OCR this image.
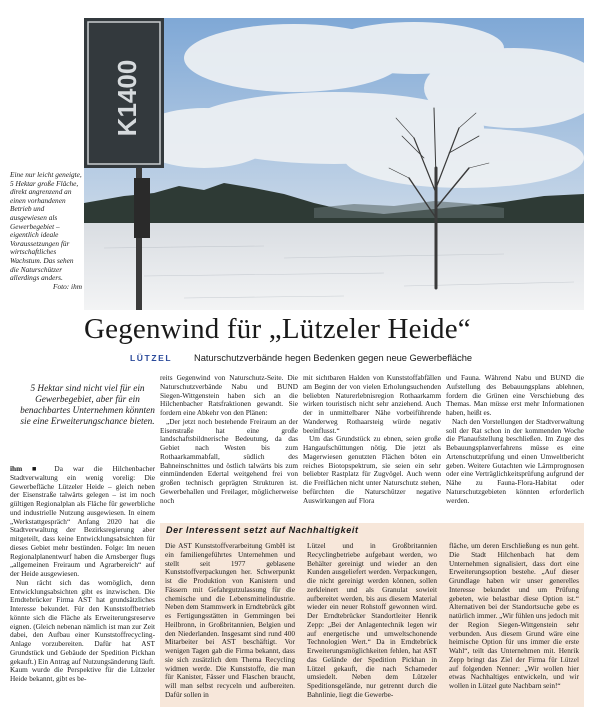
K1400
Eine nur leicht geneigte, 5 Hektar große Fläche, direkt angrenzend an einen vorhandenen Betrieb und ausgewiesen als Gewerbegebiet – eigentlich ideale Voraussetzungen für wirtschaftliches Wachstum. Das sehen die Naturschützer allerdings anders.
Foto: ihm
Gegenwind für „Lützeler Heide“
LÜTZEL Naturschutzverbände hegen Bedenken gegen neue Gewerbefläche
5 Hektar sind nicht viel für ein Gewerbegebiet, aber für ein benachbartes Unternehmen könnten sie eine Erweiterungschance bieten.

ihm ■ Da war die Hilchenbacher Stadtverwaltung ein wenig vorelig: Die Gewerbefläche Lützeler Heide – gleich neben der Eisenstraße talwärts gelegen – ist im noch gültigen Regionalplan als Fläche für gewerbliche und industrielle Nutzung ausgewiesen. In einem „Werkstattgespräch“ Anfang 2020 hat die Stadtverwaltung der Bezirksregierung aber mitgeteilt, dass keine Entwicklungsabsichten für dieses Gebiet mehr bestünden. Folge: Im neuen Regionalplanentwurf haben die Arnsberger flugs „allgemeinen Freiraum und Agrarbereich“ auf der Heide ausgewiesen.

Nun rächt sich das womöglich, denn Entwicklungsabsichten gibt es inzwischen. Die Erndtebrücker Firma AST hat grundsätzliches Interesse bekundet. Für den Kunststoffbetrieb könnte sich die Fläche als Erweiterungsreserve eignen. (Gleich nebenan nämlich ist man zur Zeit dabei, den Aufbau einer Kunststoffrecycling-Anlage vorzubereiten. Dafür hat AST Grundstück und Gebäude der Spedition Pickhan gekauft.) Ein Antrag auf Nutzungsänderung läuft. Kaum wurde die Perspektive für die Lützeler Heide bekannt, gibt es be-

reits Gegenwind von Naturschutz-Seite. Die Naturschutzverbände Nabu und BUND Siegen-Wittgenstein haben sich an die Hilchenbacher Ratsfraktionen gewandt. Sie fordern eine Abkehr von den Plänen:

„Der jetzt noch bestehende Freiraum an der Eisenstraße hat eine große landschaftsbildnerische Bedeutung, da das Gebiet nach Westen bis zum Rothaarkammabfall, südlich des Bahneinschnittes und östlich talwärts bis zum einmündenden Edertal weitgehend frei von großen technisch geprägten Strukturen ist. Gewerbehallen und Freilager, möglicherweise noch

mit sichtbaren Halden von Kunststoffabfällen am Beginn der von vielen Erholungsuchenden beliebten Naturerlebnisregion Rothaarkamm wirken touristisch nicht sehr anziehend. Auch der in unmittelbarer Nähe vorbeiführende Wanderweg Rothaarsteig würde negativ beeinflusst.“

Um das Grundstück zu ebnen, seien große Hangaufschüttungen nötig. Die jetzt als Magerwiesen genutzten Flächen böten ein reiches Biotopspektrum, sie seien ein sehr beliebter Rastplatz für Zugvögel. Auch wenn die Freiflächen nicht unter Naturschutz stehen, befürchten die Naturschützer negative Auswirkungen auf Flora

und Fauna. Während Nabu und BUND die Aufstellung des Bebauungsplans ablehnen, fordern die Grünen eine Verschiebung des Themas. Man müsse erst mehr Informationen haben, heißt es.

Nach den Vorstellungen der Stadtverwaltung soll der Rat schon in der kommenden Woche die Planaufstellung beschließen. Im Zuge des Bebauungsplanverfahrens müsse es eine Artenschutzprüfung und einen Umweltbericht geben. Weitere Gutachten wie Lärmprognosen oder eine Verträglichkeitsprüfung aufgrund der Nähe zu Fauna-Flora-Habitat oder Naturschutzgebieten könnten erforderlich werden.

Der Interessent setzt auf Nachhaltigkeit

Die AST Kunststoffverarbeitung GmbH ist ein familiengeführtes Unternehmen und stellt seit 1977 geblasene Kunststoffverpackungen her. Schwerpunkt ist die Produktion von Kanistern und Fässern mit Gefahrgutzulassung für die chemische und die Lebensmittelindustrie. Neben dem Stammwerk in Erndtebrück gibt es Fertigungsstätten in Gemmingen bei Heilbronn, in Großbritannien, Belgien und den Niederlanden. Insgesamt sind rund 400 Mitarbeiter bei AST beschäftigt. Vor wenigen Tagen gab die Firma bekannt, dass sie sich zusätzlich dem Thema Recycling widmen werde. Die Kunststoffe, die man für Kanister, Fässer und Flaschen braucht, will man selbst recyceln und aufbereiten. Dafür sollen in

Lützel und in Großbritannien Recyclingbetriebe aufgebaut werden, wo Behälter gereinigt und wieder an den Kunden ausgeliefert werden. Verpackungen, die nicht gereinigt werden können, sollen zerkleinert und als Granulat sowieit aufbereitet werden, bis aus diesem Material wieder ein neuer Rohstoff gewonnen wird. Der Erndtebrücker Standortleiter Henrik Zepp: „Bei der Anlagentechnik legen wir auf energetische und umweltschonende Technologien Wert.“ Da in Erndtebrück Erweiterungsmöglichkeiten fehlen, hat AST das Gelände der Spedition Pickhan in Lützel gekauft, die nach Schameder umsiedelt. Neben dem Lützeler Speditionsgelände, nur getrennt durch die Bahnlinie, liegt die Gewerbe-

fläche, um deren Erschließung es nun geht. Die Stadt Hilchenbach hat dem Unternehmen signalisiert, dass dort eine Erweiterungsoption bestehe. „Auf dieser Grundlage haben wir unser generelles Interesse bekundet und um Prüfung gebeten, wie belastbar diese Option ist.“ Alternativen bei der Standortsuche gebe es natürlich immer. „Wir fühlen uns jedoch mit der Region Siegen-Wittgenstein sehr verbunden. Aus diesem Grund wäre eine heimische Option für uns immer die erste Wahl“, teilt das Unternehmen mit. Henrik Zepp bringt das Ziel der Firma für Lützel auf folgenden Nenner: „Wir wollen hier etwas Nachhaltiges entwickeln, und wir wollen in Lützel gute Nachbarn sein!“
